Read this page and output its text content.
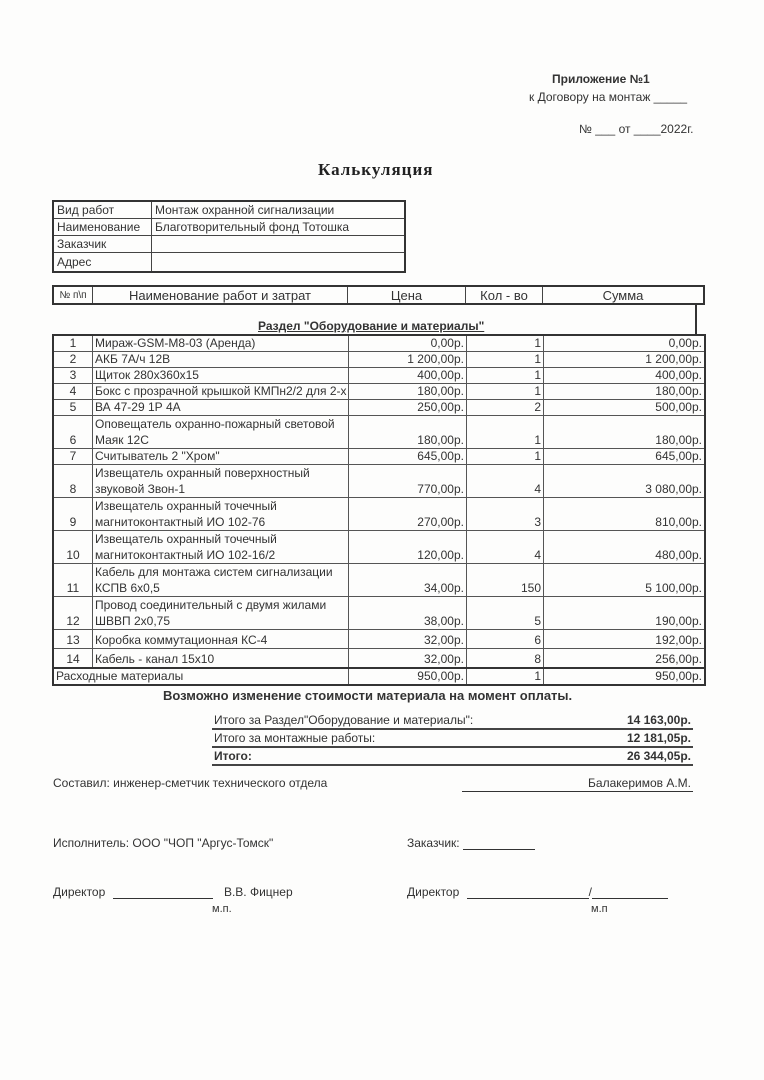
Приложение №1
к Договору на монтаж _____
№ ___ от ____2022г.
Калькуляция
Вид работ	Монтаж охранной сигнализации
Наименование	Благотворительный фонд Тотошка
Заказчик	
Адрес	
№ п\п	Наименование работ и затрат	Цена	Кол - во	Сумма
Раздел "Оборудование и материалы"
1	Мираж-GSM-M8-03 (Аренда)	0,00р.	1	0,00р.
2	АКБ 7А/ч 12В	1 200,00р.	1	1 200,00р.
3	Щиток 280х360х15	400,00р.	1	400,00р.
4	Бокс с прозрачной крышкой КМПн2/2 для 2-х	180,00р.	1	180,00р.
5	ВА 47-29 1Р 4А	250,00р.	2	500,00р.
6	Оповещатель охранно-пожарный световой Маяк 12С	180,00р.	1	180,00р.
7	Считыватель 2 "Хром"	645,00р.	1	645,00р.
8	Извещатель охранный поверхностный звуковой Звон-1	770,00р.	4	3 080,00р.
9	Извещатель охранный точечный магнитоконтактный ИО 102-76	270,00р.	3	810,00р.
10	Извещатель охранный точечный магнитоконтактный ИО 102-16/2	120,00р.	4	480,00р.
11	Кабель для монтажа систем сигнализации КСПВ 6х0,5	34,00р.	150	5 100,00р.
12	Провод соединительный с двумя жилами ШВВП 2х0,75	38,00р.	5	190,00р.
13	Коробка коммутационная КС-4	32,00р.	6	192,00р.
14	Кабель - канал 15х10	32,00р.	8	256,00р.
Расходные материалы		950,00р.	1	950,00р.
Возможно изменение стоимости материала на момент оплаты.
Итого за Раздел"Оборудование и материалы":	14 163,00р.
Итого за монтажные работы:	12 181,05р.
Итого:	26 344,05р.
Составил: инженер-сметчик технического отдела	Балакеримов А.М.
Исполнитель: ООО "ЧОП "Аргус-Томск"	Заказчик:
Директор	В.В. Фицнер
м.п.
Директор	/
м.п
